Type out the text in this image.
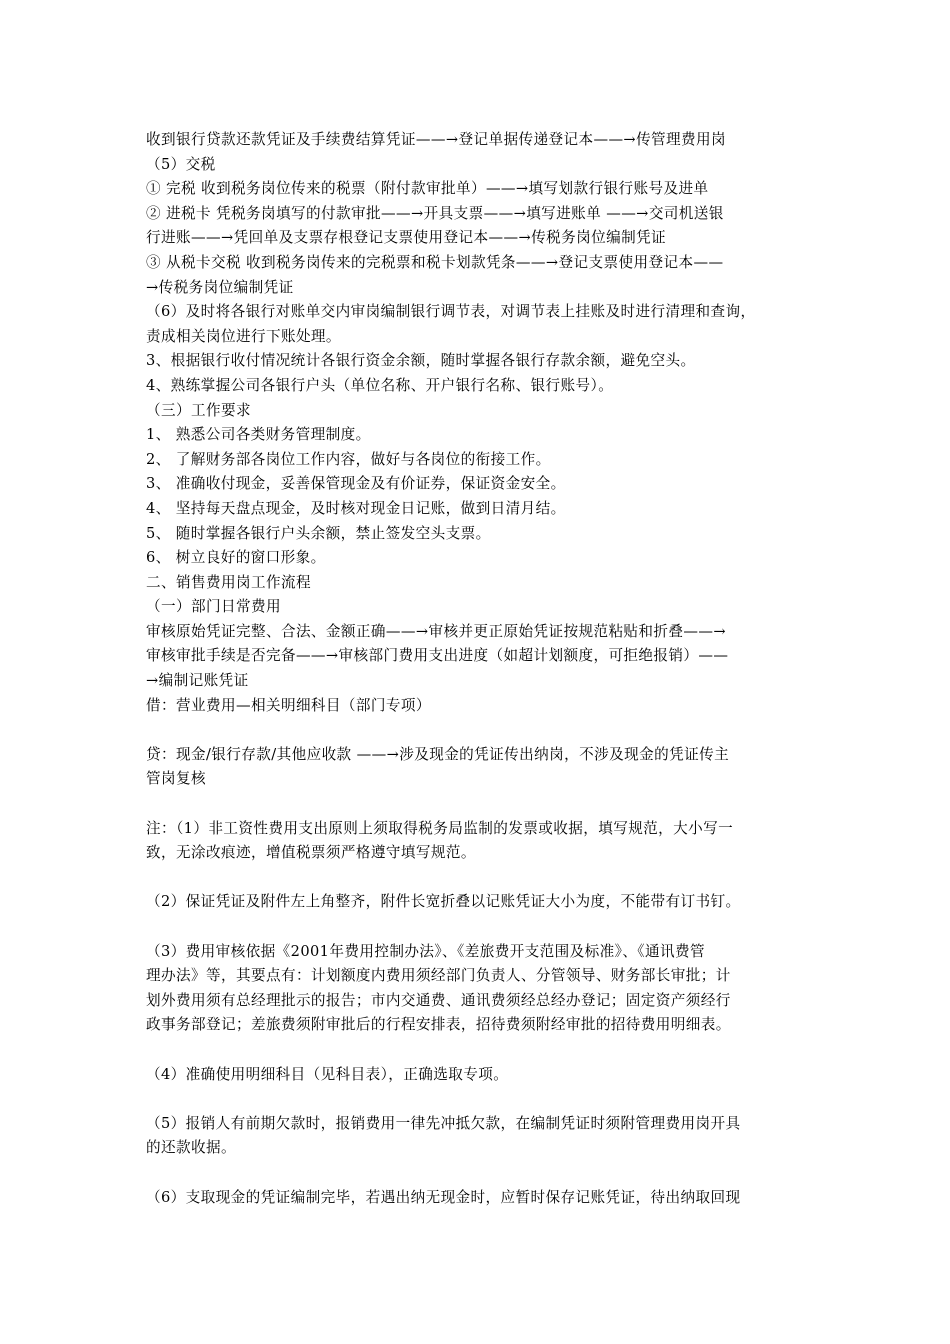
收到银行贷款还款凭证及手续费结算凭证——→登记单据传递登记本——→传管理费用岗
（5）交税
① 完税 收到税务岗位传来的税票（附付款审批单）——→填写划款行银行账号及进单
② 进税卡 凭税务岗填写的付款审批——→开具支票——→填写进账单 ——→交司机送银
行进账——→凭回单及支票存根登记支票使用登记本——→传税务岗位编制凭证
③ 从税卡交税 收到税务岗传来的完税票和税卡划款凭条——→登记支票使用登记本——
→传税务岗位编制凭证
（6）及时将各银行对账单交内审岗编制银行调节表，对调节表上挂账及时进行清理和查询，
责成相关岗位进行下账处理。
3、根据银行收付情况统计各银行资金余额，随时掌握各银行存款余额，避免空头。
4、熟练掌握公司各银行户头（单位名称、开户银行名称、银行账号）。
（三）工作要求
1、 熟悉公司各类财务管理制度。
2、 了解财务部各岗位工作内容，做好与各岗位的衔接工作。
3、 准确收付现金，妥善保管现金及有价证券，保证资金安全。
4、 坚持每天盘点现金，及时核对现金日记账，做到日清月结。
5、 随时掌握各银行户头余额，禁止签发空头支票。
6、 树立良好的窗口形象。
二、销售费用岗工作流程
（一）部门日常费用
审核原始凭证完整、合法、金额正确——→审核并更正原始凭证按规范粘贴和折叠——→
审核审批手续是否完备——→审核部门费用支出进度（如超计划额度，可拒绝报销）——
→编制记账凭证
借：营业费用—相关明细科目（部门专项）
贷：现金/银行存款/其他应收款 ——→涉及现金的凭证传出纳岗，不涉及现金的凭证传主
管岗复核
注：（1）非工资性费用支出原则上须取得税务局监制的发票或收据，填写规范，大小写一
致，无涂改痕迹，增值税票须严格遵守填写规范。
（2）保证凭证及附件左上角整齐，附件长宽折叠以记账凭证大小为度，不能带有订书钉。
（3）费用审核依据《2001年费用控制办法》、《差旅费开支范围及标准》、《通讯费管
理办法》等，其要点有：计划额度内费用须经部门负责人、分管领导、财务部长审批；计
划外费用须有总经理批示的报告；市内交通费、通讯费须经总经办登记；固定资产须经行
政事务部登记；差旅费须附审批后的行程安排表，招待费须附经审批的招待费用明细表。
（4）准确使用明细科目（见科目表），正确选取专项。
（5）报销人有前期欠款时，报销费用一律先冲抵欠款，在编制凭证时须附管理费用岗开具
的还款收据。
（6）支取现金的凭证编制完毕，若遇出纳无现金时，应暂时保存记账凭证，待出纳取回现
